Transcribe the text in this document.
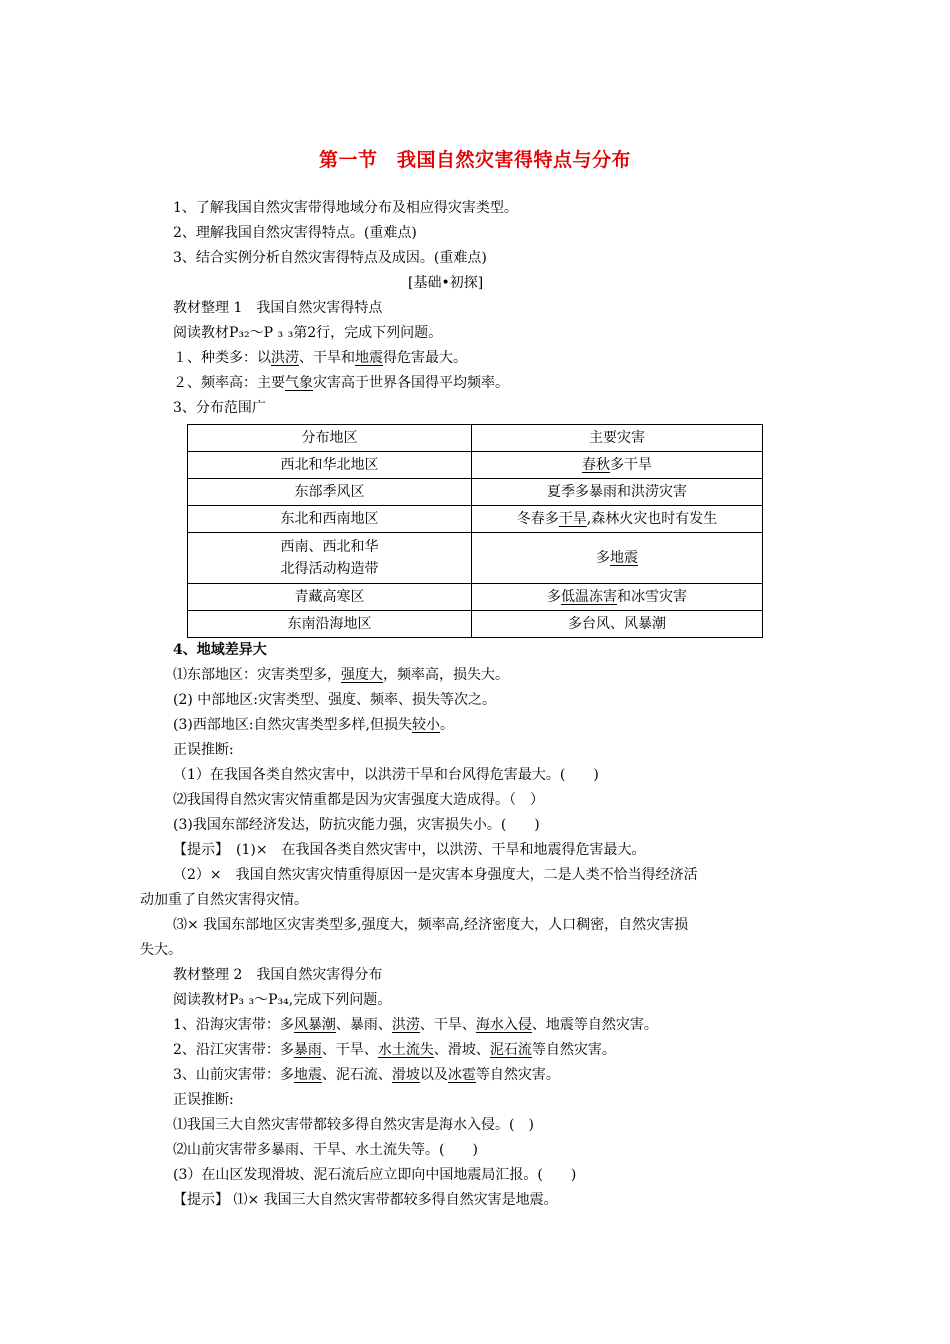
第一节　我国自然灾害得特点与分布
1、了解我国自然灾害带得地域分布及相应得灾害类型。
2、理解我国自然灾害得特点。(重难点)
3、结合实例分析自然灾害得特点及成因。(重难点)
[基础•初探]
教材整理 1　我国自然灾害得特点
阅读教材P₃₂～P ₃ ₃第2行，完成下列问题。
１、种类多：以洪涝、干旱和地震得危害最大。
２、频率高：主要气象灾害高于世界各国得平均频率。
3、分布范围广
分布地区	主要灾害
西北和华北地区	春秋多干旱
东部季风区	夏季多暴雨和洪涝灾害
东北和西南地区	冬春多干旱,森林火灾也时有发生

西南、西北和华
北得活动构造带	多地震
青藏高寒区	多低温冻害和冰雪灾害
东南沿海地区	多台风、风暴潮
4、地域差异大
⑴东部地区：灾害类型多，强度大，频率高，损失大。
(2) 中部地区:灾害类型、强度、频率、损失等次之。
(3)西部地区:自然灾害类型多样,但损失较小。
正误推断:
（1）在我国各类自然灾害中，以洪涝干旱和台风得危害最大。(　　)
⑵我国得自然灾害灾情重都是因为灾害强度大造成得。（　）
(3)我国东部经济发达，防抗灾能力强，灾害损失小。(　　)
【提示】　(1)×　在我国各类自然灾害中，以洪涝、干旱和地震得危害最大。
（2）×　我国自然灾害灾情重得原因一是灾害本身强度大，二是人类不恰当得经济活
动加重了自然灾害得灾情。
⑶× 我国东部地区灾害类型多,强度大，频率高,经济密度大，人口稠密，自然灾害损
失大。
教材整理 2　我国自然灾害得分布
阅读教材P₃ ₃～P₃₄,完成下列问题。
1、沿海灾害带：多风暴潮、暴雨、洪涝、干旱、海水入侵、地震等自然灾害。
2、沿江灾害带：多暴雨、干旱、水土流失、滑坡、泥石流等自然灾害。
3、山前灾害带：多地震、泥石流、滑坡以及冰雹等自然灾害。
正误推断:
⑴我国三大自然灾害带都较多得自然灾害是海水入侵。(　)
⑵山前灾害带多暴雨、干旱、水土流失等。(　　)
(3）在山区发现滑坡、泥石流后应立即向中国地震局汇报。(　　)
【提示】 ⑴× 我国三大自然灾害带都较多得自然灾害是地震。
